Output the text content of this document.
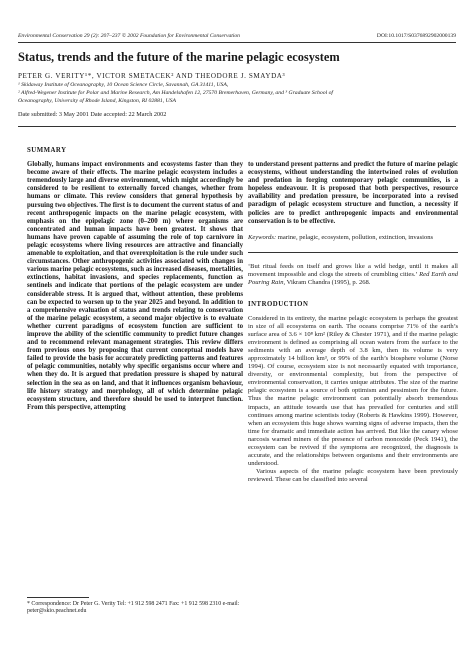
Environmental Conservation 29 (2): 207–237 © 2002 Foundation for Environmental Conservation	DOI:10.1017/S0376892902000139
Status, trends and the future of the marine pelagic ecosystem
PETER G. VERITY¹*, VICTOR SMETACEK² AND THEODORE J. SMAYDA³
¹ Skidaway Institute of Oceanography, 10 Ocean Science Circle, Savannah, GA 31411, USA,
² Alfred-Wegener Institute for Polar and Marine Research, Am Handelshafen 12, 27570 Bremerhaven, Germany, and ³ Graduate School of
Oceanography, University of Rhode Island, Kingston, RI 02881, USA
Date submitted: 3 May 2001 Date accepted: 22 March 2002
SUMMARY

Globally, humans impact environments and ecosystems faster than they become aware of their effects. The marine pelagic ecosystem includes a tremendously large and diverse environment, which might accordingly be considered to be resilient to externally forced changes, whether from humans or climate. This review considers that general hypothesis by pursuing two objectives. The first is to document the current status of and recent anthropogenic impacts on the marine pelagic ecosystem, with emphasis on the epipelagic zone (0–200 m) where organisms are concentrated and human impacts have been greatest. It shows that humans have proven capable of assuming the role of top carnivore in pelagic ecosystems where living resources are attractive and financially amenable to exploitation, and that overexploitation is the rule under such circumstances. Other anthropogenic activities associated with changes in various marine pelagic ecosystems, such as increased diseases, mortalities, extinctions, habitat invasions, and species replacements, function as sentinels and indicate that portions of the pelagic ecosystem are under considerable stress. It is argued that, without attention, these problems can be expected to worsen up to the year 2025 and beyond. In addition to a comprehensive evaluation of status and trends relating to conservation of the marine pelagic ecosystem, a second major objective is to evaluate whether current paradigms of ecosystem function are sufficient to improve the ability of the scientific community to predict future changes and to recommend relevant management strategies. This review differs from previous ones by proposing that current conceptual models have failed to provide the basis for accurately predicting patterns and features of pelagic communities, notably why specific organisms occur where and when they do. It is argued that predation pressure is shaped by natural selection in the sea as on land, and that it influences organism behaviour, life history strategy and morphology, all of which determine pelagic ecosystem structure, and therefore should be used to interpret function. From this perspective, attempting

to understand present patterns and predict the future of marine pelagic ecosystems, without understanding the intertwined roles of evolution and predation in forging contemporary pelagic communities, is a hopeless endeavour. It is proposed that both perspectives, resource availability and predation pressure, be incorporated into a revised paradigm of pelagic ecosystem structure and function, a necessity if policies are to predict anthropogenic impacts and environmental conservation is to be effective.

Keywords: marine, pelagic, ecosystem, pollution, extinction, invasions

‘But ritual feeds on itself and grows like a wild hedge, until it makes all movement impossible and clogs the streets of crumbling cities.’ Red Earth and Pouring Rain, Vikram Chandra (1995), p. 268.

INTRODUCTION

Considered in its entirety, the marine pelagic ecosystem is perhaps the greatest in size of all ecosystems on earth. The oceans comprise 71% of the earth’s surface area of 3.6 × 10⁸ km² (Riley & Chester 1971), and if the marine pelagic environment is defined as comprising all ocean waters from the surface to the sediments with an average depth of 3.8 km, then its volume is very approximately 14 billion km³, or 99% of the earth’s biosphere volume (Norse 1994). Of course, ecosystem size is not necessarily equated with importance, diversity, or environmental complexity, but from the perspective of environmental conservation, it carries unique attributes. The size of the marine pelagic ecosystem is a source of both optimism and pessimism for the future. Thus the marine pelagic environment can potentially absorb tremendous impacts, an attitude towards use that has prevailed for centuries and still continues among marine scientists today (Roberts & Hawkins 1999). However, when an ecosystem this huge shows warning signs of adverse impacts, then the time for dramatic and immediate action has arrived. But like the canary whose narcosis warned miners of the presence of carbon monoxide (Peck 1941), the ecosystem can be revived if the symptoms are recognized, the diagnosis is accurate, and the relationships between organisms and their environments are understood.

Various aspects of the marine pelagic ecosystem have been previously reviewed. These can be classified into several

* Correspondence: Dr Peter G. Verity Tel: +1 912 598 2471 Fax: +1 912 598 2310 e-mail: peter@skio.peachnet.edu
